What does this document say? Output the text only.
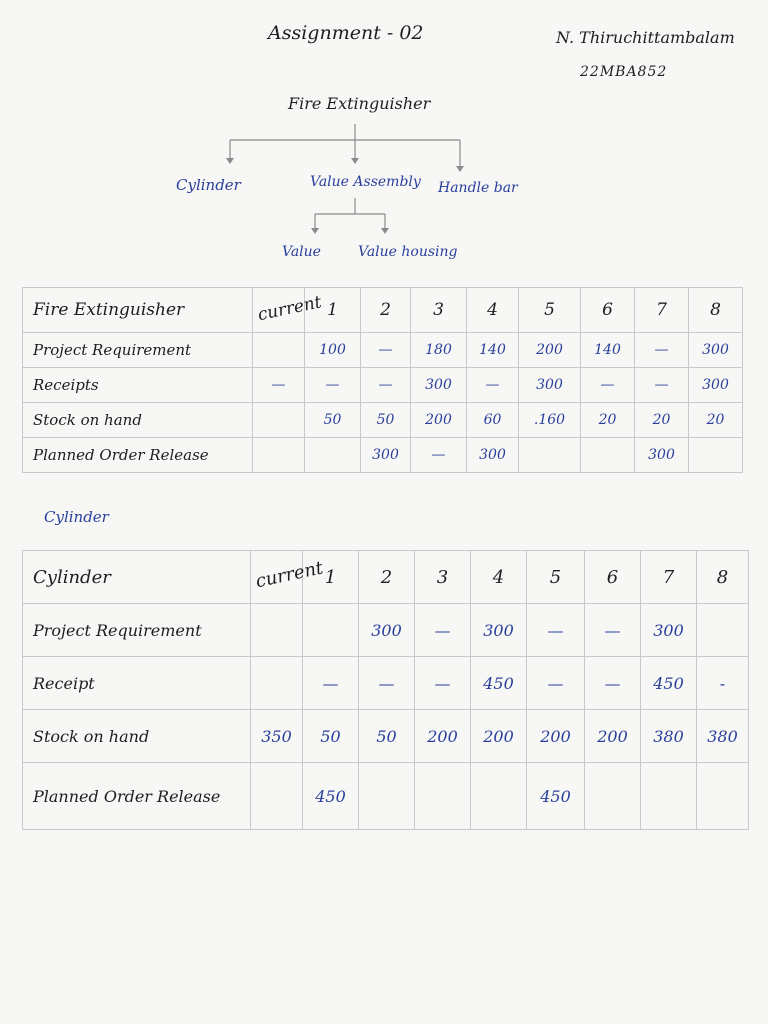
Assignment - 02	N. Thiruchittambalam
22MBA852
Fire Extinguisher
Cylinder	Value Assembly Handle bar
Value	Value housing
Fire Extinguisher	current	1	2	3	4	5	6	7	8
Project Requirement		100	—	180	140	200	140	—	300
Receipts	—	—	—	300	—	300	—	—	300
Stock on hand		50	50	200	60	.160	20	20	20
Planned Order Release			300	—	300			300	
Cylinder
Cylinder	current	1	2	3	4	5	6	7	8
Project Requirement			300	—	300	—	—	300	
Receipt		—	—	—	450	—	—	450	-
Stock on hand	350	50	50	200	200	200	200	380	380
Planned Order Release		450				450			
